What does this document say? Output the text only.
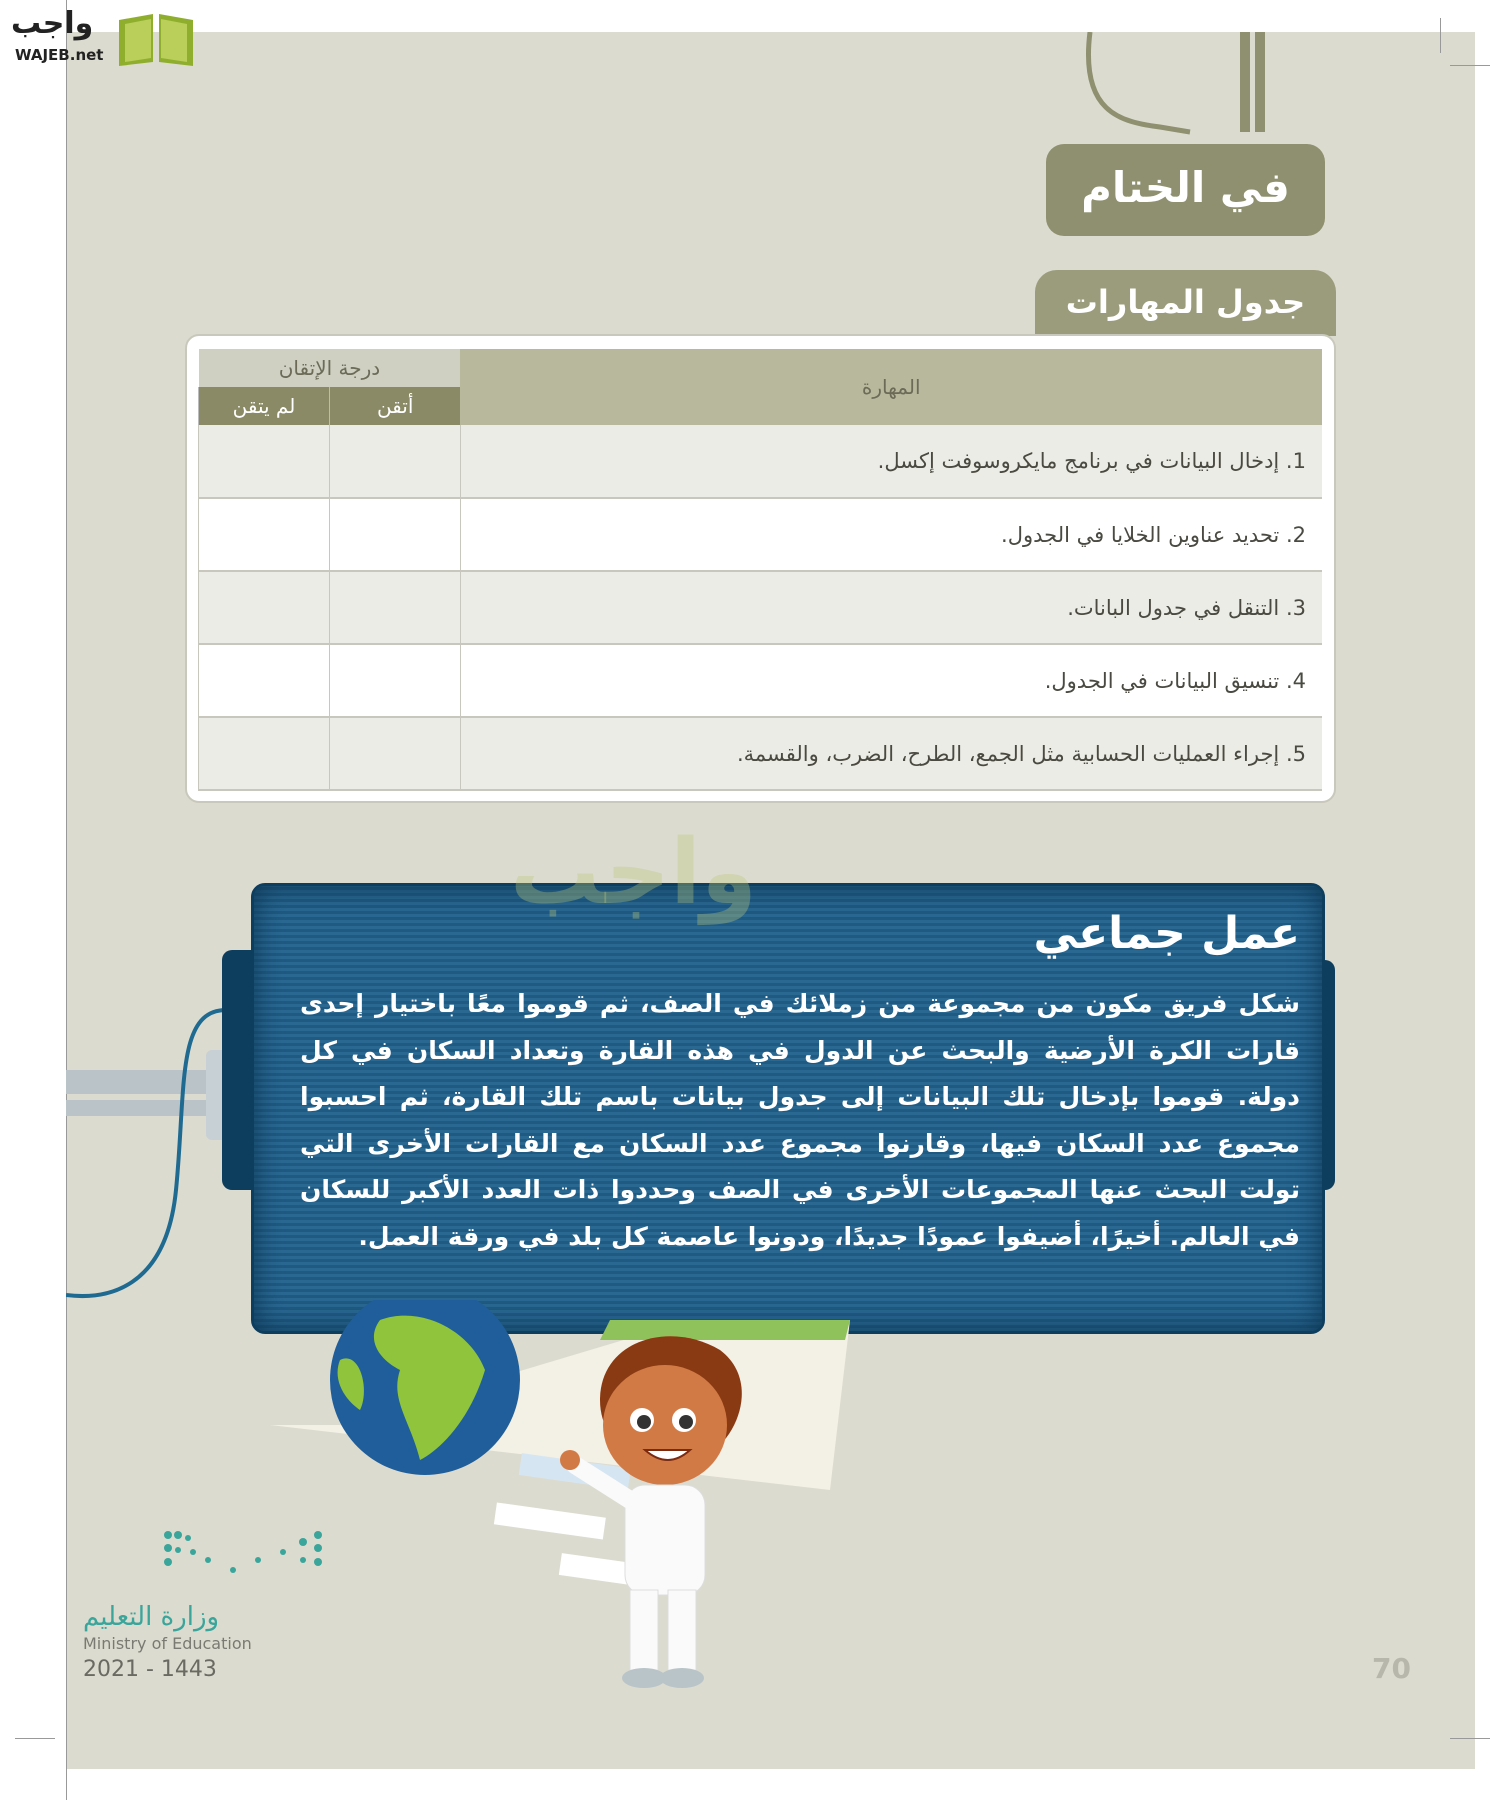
واجب
WAJEB.net
في الختام
جدول المهارات
المهارة	درجة الإتقان	
	أتقن	لم يتقن
1. إدخال البيانات في برنامج مايكروسوفت إكسل.		
2. تحديد عناوين الخلايا في الجدول.		
3. التنقل في جدول البانات.		
4. تنسيق البيانات في الجدول.		
5. إجراء العمليات الحسابية مثل الجمع، الطرح، الضرب، والقسمة.		
عمل جماعي

شكل فريق مكون من مجموعة من زملائك في الصف، ثم قوموا معًا باختيار إحدى قارات الكرة الأرضية والبحث عن الدول في هذه القارة وتعداد السكان في كل دولة. قوموا بإدخال تلك البيانات إلى جدول بيانات باسم تلك القارة، ثم احسبوا مجموع عدد السكان فيها، وقارنوا مجموع عدد السكان مع القارات الأخرى التي تولت البحث عنها المجموعات الأخرى في الصف وحددوا ذات العدد الأكبر للسكان في العالم. أخيرًا، أضيفوا عمودًا جديدًا، ودونوا عاصمة كل بلد في ورقة العمل.

واجب
وزارة التعليم
Ministry of Education
2021 - 1443	70
